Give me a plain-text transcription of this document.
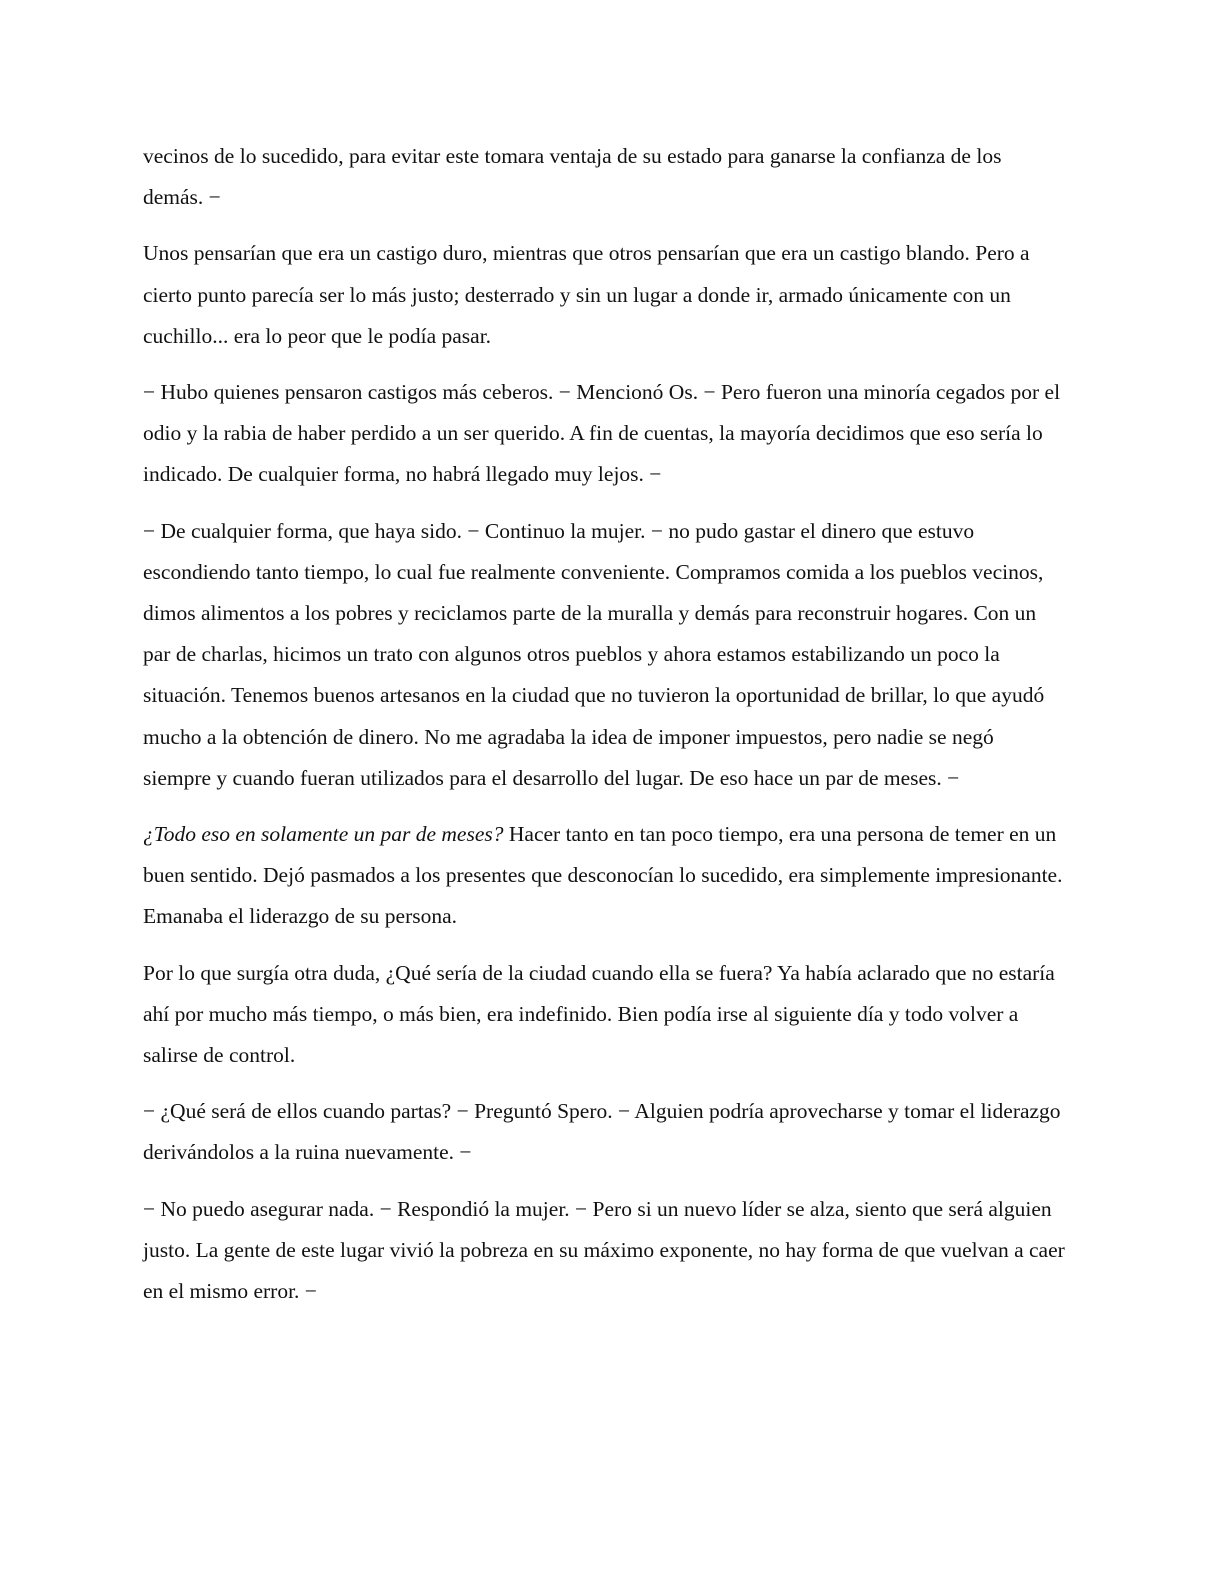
vecinos de lo sucedido, para evitar este tomara ventaja de su estado para ganarse la confianza de los demás. −

Unos pensarían que era un castigo duro, mientras que otros pensarían que era un castigo blando. Pero a cierto punto parecía ser lo más justo; desterrado y sin un lugar a donde ir, armado únicamente con un cuchillo... era lo peor que le podía pasar.

− Hubo quienes pensaron castigos más ceberos. − Mencionó Os. − Pero fueron una minoría cegados por el odio y la rabia de haber perdido a un ser querido. A fin de cuentas, la mayoría decidimos que eso sería lo indicado. De cualquier forma, no habrá llegado muy lejos. −

− De cualquier forma, que haya sido. − Continuo la mujer. − no pudo gastar el dinero que estuvo escondiendo tanto tiempo, lo cual fue realmente conveniente. Compramos comida a los pueblos vecinos, dimos alimentos a los pobres y reciclamos parte de la muralla y demás para reconstruir hogares. Con un par de charlas, hicimos un trato con algunos otros pueblos y ahora estamos estabilizando un poco la situación. Tenemos buenos artesanos en la ciudad que no tuvieron la oportunidad de brillar, lo que ayudó mucho a la obtención de dinero. No me agradaba la idea de imponer impuestos, pero nadie se negó siempre y cuando fueran utilizados para el desarrollo del lugar. De eso hace un par de meses. −

¿Todo eso en solamente un par de meses? Hacer tanto en tan poco tiempo, era una persona de temer en un buen sentido. Dejó pasmados a los presentes que desconocían lo sucedido, era simplemente impresionante. Emanaba el liderazgo de su persona.

Por lo que surgía otra duda, ¿Qué sería de la ciudad cuando ella se fuera? Ya había aclarado que no estaría ahí por mucho más tiempo, o más bien, era indefinido. Bien podía irse al siguiente día y todo volver a salirse de control.

− ¿Qué será de ellos cuando partas? − Preguntó Spero. − Alguien podría aprovecharse y tomar el liderazgo derivándolos a la ruina nuevamente. −

− No puedo asegurar nada. − Respondió la mujer. − Pero si un nuevo líder se alza, siento que será alguien justo. La gente de este lugar vivió la pobreza en su máximo exponente, no hay forma de que vuelvan a caer en el mismo error. −
